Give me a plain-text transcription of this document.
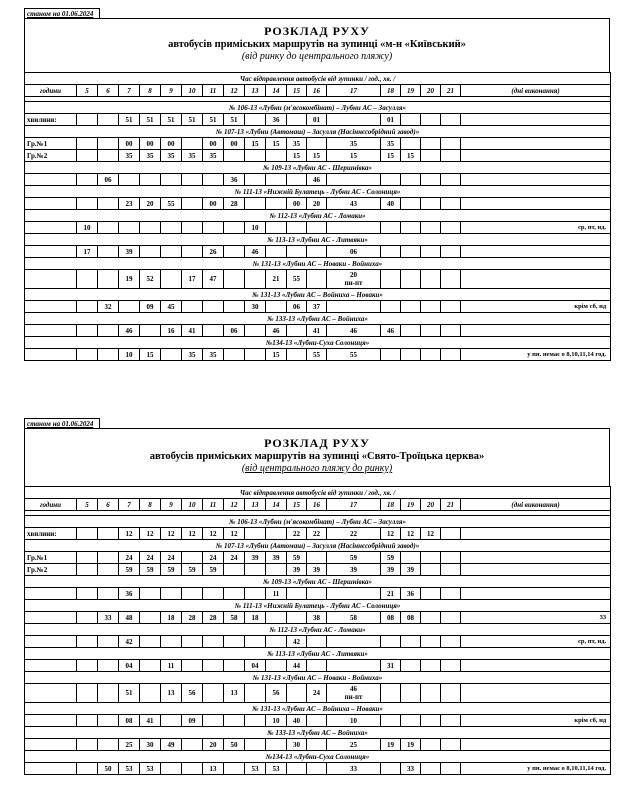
станом на 01.06.2024
РОЗКЛАД РУХУ
автобусів приміських маршрутів на зупинці «м-н «Київський»
(від ринку до центрального пляжу)
Час відправлення автобусів від зупинки / год., хв. /																		
години	5	6	7	8	9	10	11	12	13	14	15	16	17	18	19	20	21	(дні виконання)

№ 106-13 «Лубни (м'ясокомбінат) – Лубни АС – Засулля»																		
хвилини:			51	51	51	51	51	51		36		01		01				
№ 107-13 «Лубни (Автомаш) – Засулля (Насіннєсобрідний завод)»																		
Гр.№1			00	00	00		00	00	15	15	35		35	35				
Гр.№2			35	35	35	35	35				15	15	15	15	15			
№ 109-13 «Лубни АС - Шершнівка»																		
		06						36				46						
№ 111-13 «Нижній Булатець - Лубни АС - Солониця»																		
			23	20	55		00	28			00	20	43	40				
№ 112-13 «Лубни АС - Ломаки»																		
	10								10									ср, пт, нд.
№ 113-13 «Лубни АС - Литвяки»																		
	17		39				26		46				06					
№ 131-13 «Лубни АС – Новаки - Войниха»																		
			19	52		17	47			21	55		20
пн-пт					

№ 131-13 «Лубни АС – Войниха – Новаки»																		
		32		09	45				30		06	37						крім сб, нд
№ 133-13 «Лубни АС – Войниха»																		
			46		16	41		06		46		41	46	46				
№134-13 «Лубни-Суха Солониця»																		
			10	15		35	35			15		55	55					у пн. немає о 8,10,11,14 год.
станом на 01.06.2024
РОЗКЛАД РУХУ
автобусів приміських маршрутів на зупинці «Свято-Троїцька церква»
(від центрального пляжу до ринку)
Час відправлення автобусів від зупинки / год., хв. /																		
години	5	6	7	8	9	10	11	12	13	14	15	16	17	18	19	20	21	(дні виконання)

№ 106-13 «Лубни (м'ясокомбінат) – Лубни АС – Засулля»																		
хвилини:			12	12	12	12	12	12			22	22	22	12	12	12		
№ 107-13 «Лубни (Автомаш) – Засулля (Насіннєсобрідний завод)»																		
Гр.№1			24	24	24		24	24	39	39	59		59	59				
Гр.№2			59	59	59	59	59				39	39	39	39	39			
№ 109-13 «Лубни АС - Шершнівка»																		
			36							11				21	36			
№ 111-13 «Нижній Булатець - Лубни АС - Солониця»																		
		33	48		18	28	28	58	18			38	58	08	08			33
№ 112-13 «Лубни АС - Ломаки»																		
			42								42							ср, пт, нд.
№ 113-13 «Лубни АС - Литвяки»																		
			04		11				04		44			31				
№ 131-13 «Лубни АС – Новаки - Войниха»																		
			51		13	56		13		56		24	46
пн-пт					

№ 131-13 «Лубни АС – Войниха – Новаки»																		
			08	41		09				10	40		10					крім сб, нд
№ 133-13 «Лубни АС – Войниха»																		
			25	30	49		20	50			30		25	19	19			
№134-13 «Лубни-Суха Солониця»																		
		50	53	53			13		53	53			33		33			у пн. немає о 8,10,11,14 год.
